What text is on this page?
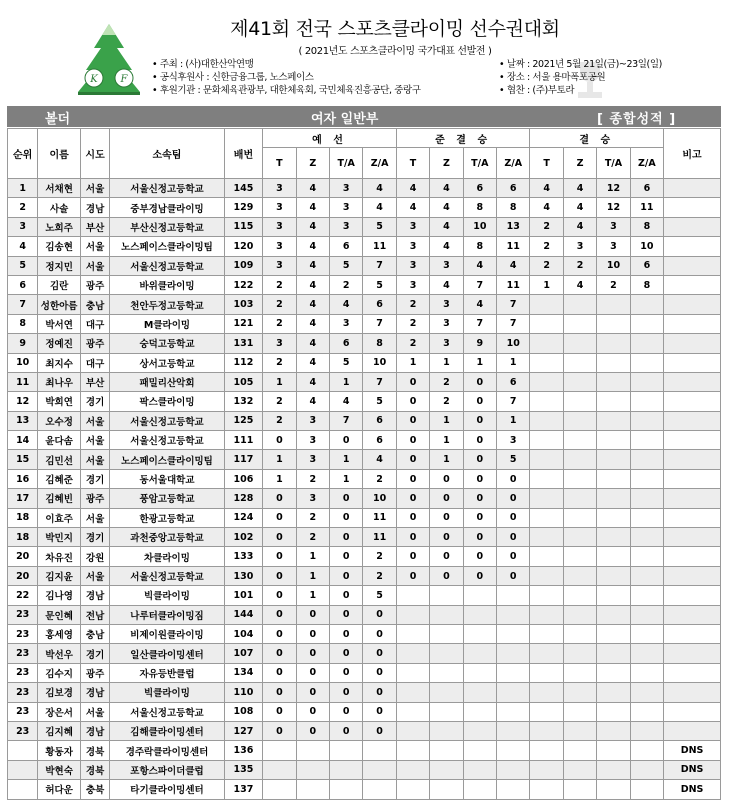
K F
제41회 전국 스포츠클라이밍 선수권대회
( 2021년도 스포츠클라이밍 국가대표 선발전 )
• 주최 : (사)대한산악연맹
• 공식후원사 : 신한금융그룹, 노스페이스
• 후원기관 : 문화체육관광부, 대한체육회, 국민체육진흥공단, 중랑구
• 날짜 : 2021년 5월 21일(금)~23일(일)
• 장소 : 서울 용마폭포공원
• 협찬 : (주)부토라
볼더	여자 일반부	[ 종합성적 ]
순위	이름	시도	소속팀	배번	예 선				준 결 승				결 승				비고
					T	Z	T/A	Z/A	T	Z	T/A	Z/A	T	Z	T/A	Z/A	
1	서채현	서울	서울신정고등학교	145	3	4	3	4	4	4	6	6	4	4	12	6	
2	사솔	경남	중부경남클라이밍	129	3	4	3	4	4	4	8	8	4	4	12	11	
3	노희주	부산	부산신정고등학교	115	3	4	3	5	3	4	10	13	2	4	3	8	
4	김송현	서울	노스페이스클라이밍팀	120	3	4	6	11	3	4	8	11	2	3	3	10	
5	정지민	서울	서울신정고등학교	109	3	4	5	7	3	3	4	4	2	2	10	6	
6	김란	광주	바위클라이밍	122	2	4	2	5	3	4	7	11	1	4	2	8	
7	성한아름	충남	천안두정고등학교	103	2	4	4	6	2	3	4	7					
8	박서연	대구	M클라이밍	121	2	4	3	7	2	3	7	7					
9	정예진	광주	숭덕고등학교	131	3	4	6	8	2	3	9	10					
10	최지수	대구	상서고등학교	112	2	4	5	10	1	1	1	1					
11	최나우	부산	패밀리산악회	105	1	4	1	7	0	2	0	6					
12	박희연	경기	팍스클라이밍	132	2	4	4	5	0	2	0	7					
13	오수정	서울	서울신정고등학교	125	2	3	7	6	0	1	0	1					
14	윤다솜	서울	서울신정고등학교	111	0	3	0	6	0	1	0	3					
15	김민선	서울	노스페이스클라이밍팀	117	1	3	1	4	0	1	0	5					
16	김혜준	경기	동서울대학교	106	1	2	1	2	0	0	0	0					
17	김혜빈	광주	풍암고등학교	128	0	3	0	10	0	0	0	0					
18	이효주	서울	한광고등학교	124	0	2	0	11	0	0	0	0					
18	박민지	경기	과천중앙고등학교	102	0	2	0	11	0	0	0	0					
20	차유진	강원	차클라이밍	133	0	1	0	2	0	0	0	0					
20	김지윤	서울	서울신정고등학교	130	0	1	0	2	0	0	0	0					
22	김나영	경남	빅클라이밍	101	0	1	0	5									
23	문인혜	전남	나루터클라이밍짐	144	0	0	0	0									
23	홍세영	충남	비제이원클라이밍	104	0	0	0	0									
23	박선우	경기	일산클라이밍센터	107	0	0	0	0									
23	김수지	광주	자유등반클럽	134	0	0	0	0									
23	김보경	경남	빅클라이밍	110	0	0	0	0									
23	장은서	서울	서울신정고등학교	108	0	0	0	0									
23	김지혜	경남	김해클라이밍센터	127	0	0	0	0									
	황동자	경북	경주락클라이밍센터	136													DNS
	박현숙	경북	포항스파이더클럽	135													DNS
	허다운	충북	타기클라이밍센터	137													DNS
